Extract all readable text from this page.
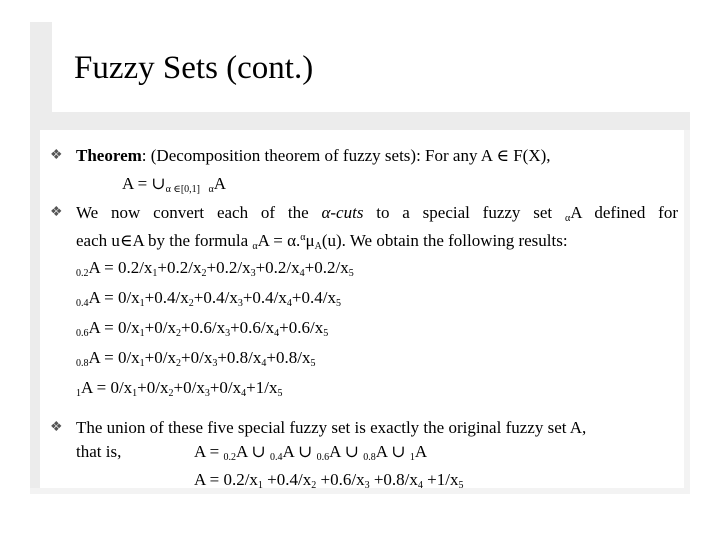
Fuzzy Sets (cont.)
❖
❖
❖
Theorem: (Decomposition theorem of fuzzy sets): For any A ∈ F(X),
$A = \cup_{\alpha \in[0,1]}$ αA
We now convert each of the α-cuts to a special fuzzy set αA defined for
each u∈A by the formula $\alpha A = \alpha.^\alpha\mu_A(u)$. We obtain the following results:
$0.2A = 0.2/x_1+0.2/x_2+0.2/x_3+0.2/x_4+0.2/x_5$
$0.4A = 0/x_1+0.4/x_2+0.4/x_3+0.4/x_4+0.4/x_5$
$0.6A = 0/x_1+0/x_2+0.6/x_3+0.6/x_4+0.6/x_5$
$0.8A = 0/x_1+0/x_2+0/x_3+0.8/x_4+0.8/x_5$
$1A = 0/x_1+0/x_2+0/x_3+0/x_4+1/x_5$
The union of these five special fuzzy set is exactly the original fuzzy set A,
that is,	A = 0.2A ∪ 0.4A ∪ 0.6A ∪ 0.8A ∪ 1A
$A = 0.2/x_1 +0.4/x_2 +0.6/x_3 +0.8/x_4 +1/x_5$
